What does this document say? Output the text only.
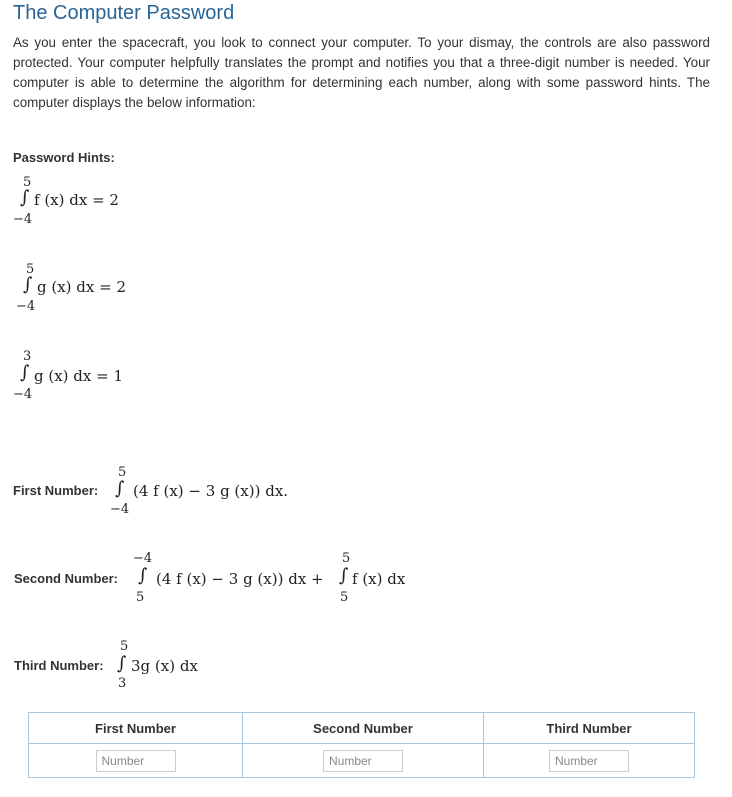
The Computer Password

As you enter the spacecraft, you look to connect your computer. To your dismay, the controls are also password protected. Your computer helpfully translates the prompt and notifies you that a three-digit number is needed. Your computer is able to determine the algorithm for determining each number, along with some password hints. The computer displays the below information:

Password Hints:
5
∫
−4
f (x) dx = 2
5
∫
−4
g (x) dx = 2
3
∫
−4
g (x) dx = 1
First Number:
5
∫
−4
(4 f (x) − 3 g (x)) dx.
Second Number:
−4
∫
5
(4 f (x) − 3 g (x)) dx +
5
∫
5
f (x) dx
Third Number:
5
∫
3
3g (x) dx
First Number	Second Number	Third Number
Number	Number	Number
